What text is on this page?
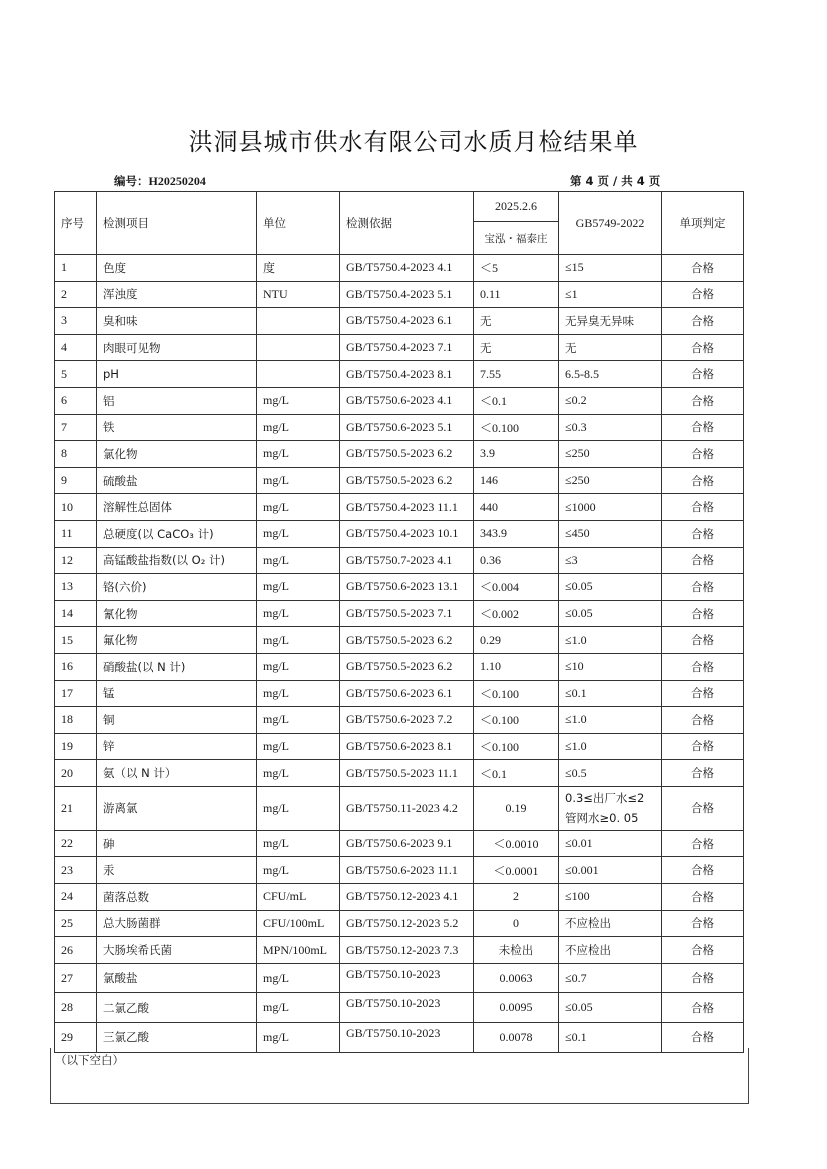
洪洞县城市供水有限公司水质月检结果单
编号：H20250204	第 4 页 / 共 4 页
序号	检测项目	单位	检测依据	2025.2.6	GB5749-2022	单项判定
				宝泓・福泰庄		
1	色度	度	GB/T5750.4-2023 4.1	＜5	≤15	合格
2	浑浊度	NTU	GB/T5750.4-2023 5.1	0.11	≤1	合格
3	臭和味		GB/T5750.4-2023 6.1	无	无异臭无异味	合格
4	肉眼可见物		GB/T5750.4-2023 7.1	无	无	合格
5	pH		GB/T5750.4-2023 8.1	7.55	6.5-8.5	合格
6	铝	mg/L	GB/T5750.6-2023 4.1	＜0.1	≤0.2	合格
7	铁	mg/L	GB/T5750.6-2023 5.1	＜0.100	≤0.3	合格
8	氯化物	mg/L	GB/T5750.5-2023 6.2	3.9	≤250	合格
9	硫酸盐	mg/L	GB/T5750.5-2023 6.2	146	≤250	合格
10	溶解性总固体	mg/L	GB/T5750.4-2023 11.1	440	≤1000	合格
11	总硬度(以 CaCO₃ 计)	mg/L	GB/T5750.4-2023 10.1	343.9	≤450	合格
12	高锰酸盐指数(以 O₂ 计)	mg/L	GB/T5750.7-2023 4.1	0.36	≤3	合格
13	铬(六价)	mg/L	GB/T5750.6-2023 13.1	＜0.004	≤0.05	合格
14	氰化物	mg/L	GB/T5750.5-2023 7.1	＜0.002	≤0.05	合格
15	氟化物	mg/L	GB/T5750.5-2023 6.2	0.29	≤1.0	合格
16	硝酸盐(以 N 计)	mg/L	GB/T5750.5-2023 6.2	1.10	≤10	合格
17	锰	mg/L	GB/T5750.6-2023 6.1	＜0.100	≤0.1	合格
18	铜	mg/L	GB/T5750.6-2023 7.2	＜0.100	≤1.0	合格
19	锌	mg/L	GB/T5750.6-2023 8.1	＜0.100	≤1.0	合格
20	氨（以 N 计）	mg/L	GB/T5750.5-2023 11.1	＜0.1	≤0.5	合格
21	游离氯	mg/L	GB/T5750.11-2023 4.2	0.19	0.3≤出厂水≤2
管网水≥0. 05	合格
22	砷	mg/L	GB/T5750.6-2023 9.1	＜0.0010	≤0.01	合格
23	汞	mg/L	GB/T5750.6-2023 11.1	＜0.0001	≤0.001	合格
24	菌落总数	CFU/mL	GB/T5750.12-2023 4.1	2	≤100	合格
25	总大肠菌群	CFU/100mL	GB/T5750.12-2023 5.2	0	不应检出	合格
26	大肠埃希氏菌	MPN/100mL	GB/T5750.12-2023 7.3	未检出	不应检出	合格
27	氯酸盐	mg/L	GB/T5750.10-2023	0.0063	≤0.7	合格
28	二氯乙酸	mg/L	GB/T5750.10-2023	0.0095	≤0.05	合格
29	三氯乙酸	mg/L	GB/T5750.10-2023	0.0078	≤0.1	合格
（以下空白）
